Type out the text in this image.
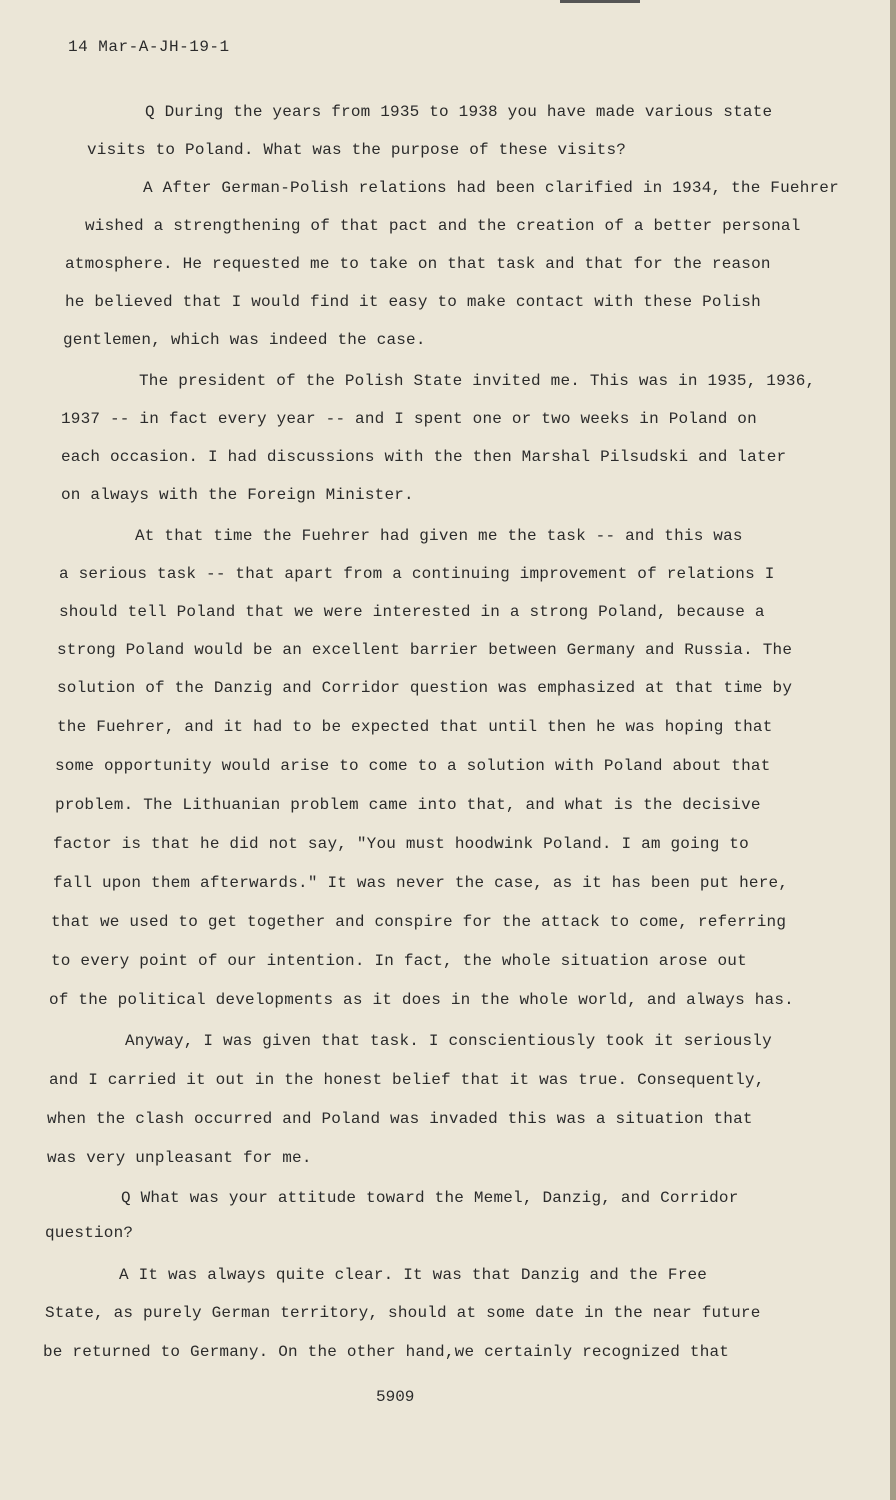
14 Mar-A-JH-19-1
Q During the years from 1935 to 1938 you have made various state
visits to Poland. What was the purpose of these visits?
A After German-Polish relations had been clarified in 1934, the Fuehrer
wished a strengthening of that pact and the creation of a better personal
atmosphere. He requested me to take on that task and that for the reason
he believed that I would find it easy to make contact with these Polish
gentlemen, which was indeed the case.
The president of the Polish State invited me. This was in 1935, 1936,
1937 -- in fact every year -- and I spent one or two weeks in Poland on
each occasion. I had discussions with the then Marshal Pilsudski and later
on always with the Foreign Minister.
At that time the Fuehrer had given me the task -- and this was
a serious task -- that apart from a continuing improvement of relations I
should tell Poland that we were interested in a strong Poland, because a
strong Poland would be an excellent barrier between Germany and Russia. The
solution of the Danzig and Corridor question was emphasized at that time by
the Fuehrer, and it had to be expected that until then he was hoping that
some opportunity would arise to come to a solution with Poland about that
problem. The Lithuanian problem came into that, and what is the decisive
factor is that he did not say, "You must hoodwink Poland. I am going to
fall upon them afterwards." It was never the case, as it has been put here,
that we used to get together and conspire for the attack to come, referring
to every point of our intention. In fact, the whole situation arose out
of the political developments as it does in the whole world, and always has.
Anyway, I was given that task. I conscientiously took it seriously
and I carried it out in the honest belief that it was true. Consequently,
when the clash occurred and Poland was invaded this was a situation that
was very unpleasant for me.
Q What was your attitude toward the Memel, Danzig, and Corridor
question?
A It was always quite clear. It was that Danzig and the Free
State, as purely German territory, should at some date in the near future
be returned to Germany. On the other hand,we certainly recognized that
5909
